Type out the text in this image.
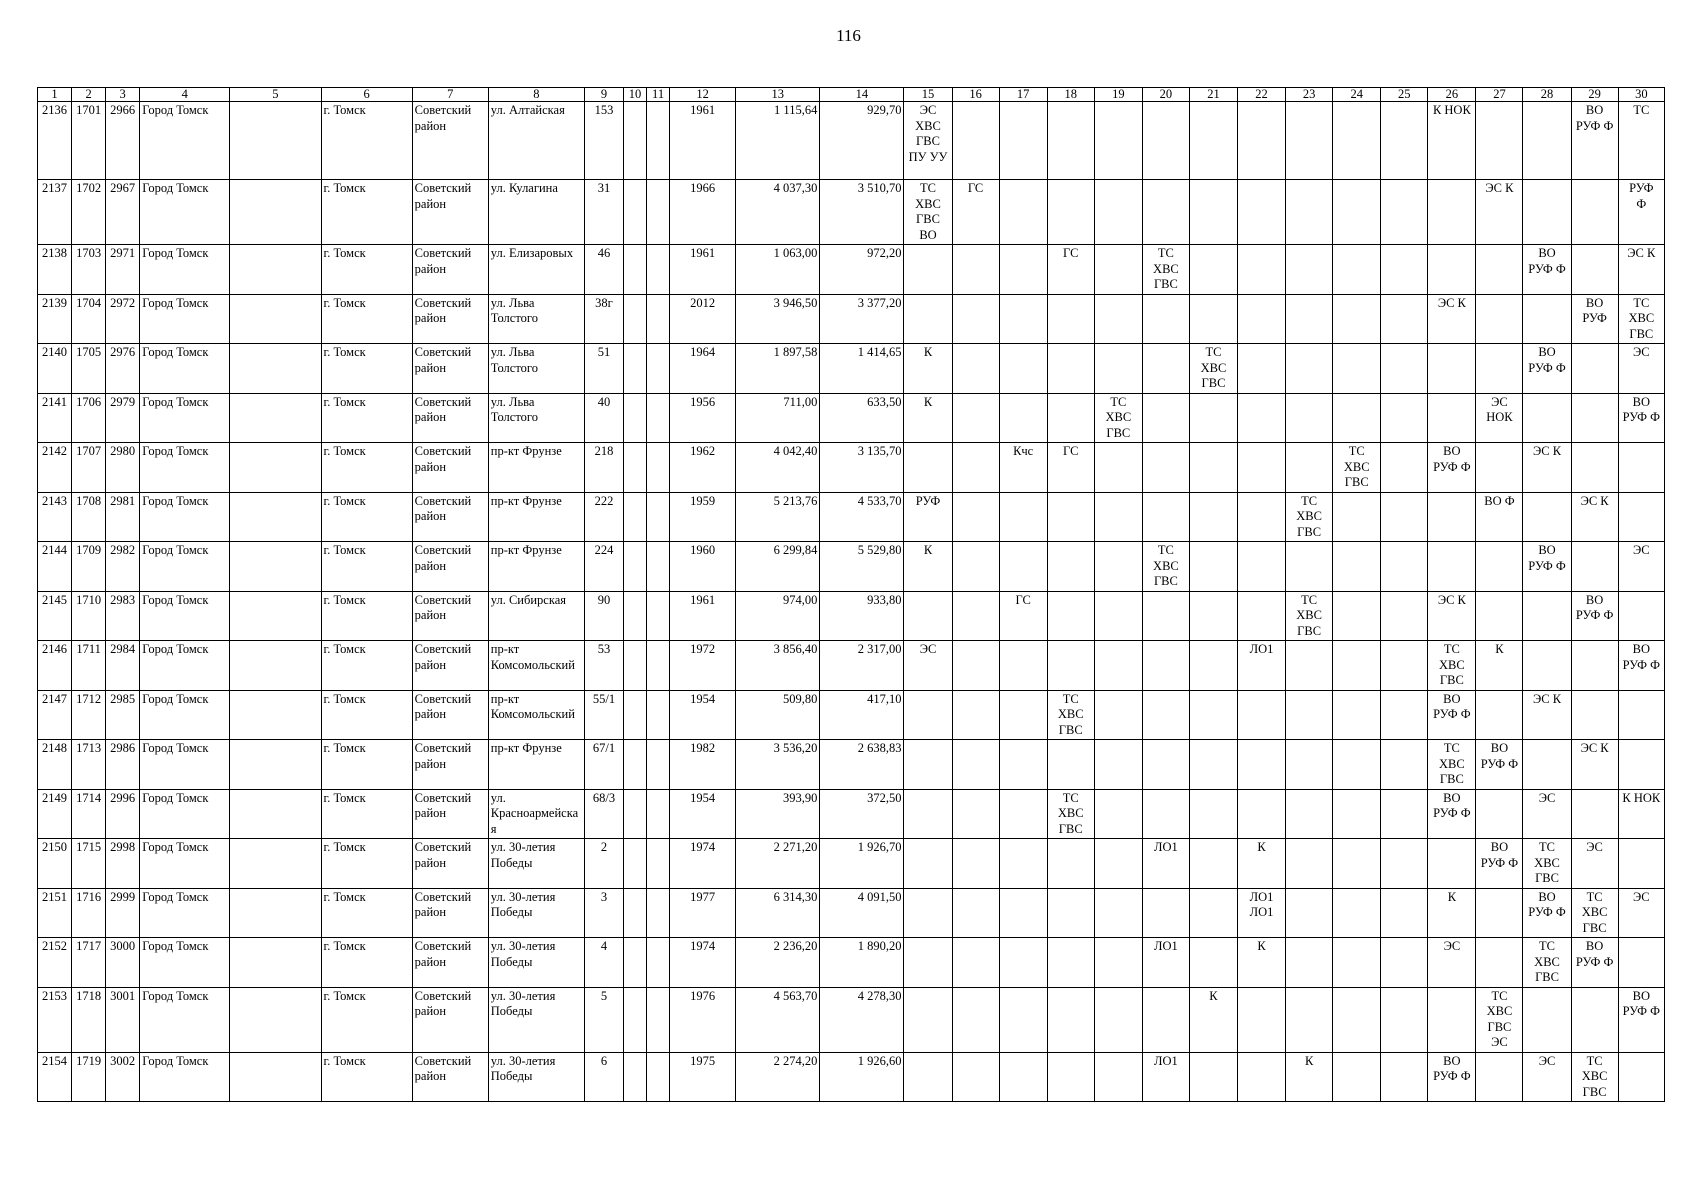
116
1	2	3	4	5	6	7	8	9	10	11	12	13	14	15	16	17	18	19	20	21	22	23	24	25	26	27	28	29	30
2136	1701	2966	Город Томск		г. Томск	Советский
район	ул. Алтайская	153			1961	1 115,64	929,70	ЭС
ХВС
ГВС
ПУ УУ											К НОК			ВО
РУФ Ф	ТС
2137	1702	2967	Город Томск		г. Томск	Советский
район	ул. Кулагина	31			1966	4 037,30	3 510,70	ТС
ХВС
ГВС
ВО	ГС											ЭС К			РУФ
Ф
2138	1703	2971	Город Томск		г. Томск	Советский
район	ул. Елизаровых	46			1961	1 063,00	972,20				ГС		ТС
ХВС
ГВС								ВО
РУФ Ф		ЭС К
2139	1704	2972	Город Томск		г. Томск	Советский
район	ул. Льва
Толстого	38г			2012	3 946,50	3 377,20												ЭС К			ВО
РУФ	ТС
ХВС
ГВС
2140	1705	2976	Город Томск		г. Томск	Советский
район	ул. Льва
Толстого	51			1964	1 897,58	1 414,65	К						ТС
ХВС
ГВС							ВО
РУФ Ф		ЭС
2141	1706	2979	Город Томск		г. Томск	Советский
район	ул. Льва
Толстого	40			1956	711,00	633,50	К				ТС
ХВС
ГВС								ЭС
НОК			ВО
РУФ Ф
2142	1707	2980	Город Томск		г. Томск	Советский
район	пр-кт Фрунзе	218			1962	4 042,40	3 135,70			Кчс	ГС						ТС
ХВС
ГВС		ВО
РУФ Ф		ЭС К		
2143	1708	2981	Город Томск		г. Томск	Советский
район	пр-кт Фрунзе	222			1959	5 213,76	4 533,70	РУФ								ТС
ХВС
ГВС				ВО Ф		ЭС К	
2144	1709	2982	Город Томск		г. Томск	Советский
район	пр-кт Фрунзе	224			1960	6 299,84	5 529,80	К					ТС
ХВС
ГВС								ВО
РУФ Ф		ЭС
2145	1710	2983	Город Томск		г. Томск	Советский
район	ул. Сибирская	90			1961	974,00	933,80			ГС						ТС
ХВС
ГВС			ЭС К			ВО
РУФ Ф	
2146	1711	2984	Город Томск		г. Томск	Советский
район	пр-кт
Комсомольский	53			1972	3 856,40	2 317,00	ЭС							ЛО1				ТС
ХВС
ГВС	К			ВО
РУФ Ф
2147	1712	2985	Город Томск		г. Томск	Советский
район	пр-кт
Комсомольский	55/1			1954	509,80	417,10				ТС
ХВС
ГВС								ВО
РУФ Ф		ЭС К		
2148	1713	2986	Город Томск		г. Томск	Советский
район	пр-кт Фрунзе	67/1			1982	3 536,20	2 638,83												ТС
ХВС
ГВС	ВО
РУФ Ф		ЭС К	
2149	1714	2996	Город Томск		г. Томск	Советский
район	ул.
Красноармейска
я	68/3			1954	393,90	372,50				ТС
ХВС
ГВС								ВО
РУФ Ф		ЭС		К НОК
2150	1715	2998	Город Томск		г. Томск	Советский
район	ул. 30-летия
Победы	2			1974	2 271,20	1 926,70						ЛО1		К					ВО
РУФ Ф	ТС
ХВС
ГВС	ЭС	
2151	1716	2999	Город Томск		г. Томск	Советский
район	ул. 30-летия
Победы	3			1977	6 314,30	4 091,50								ЛО1
ЛО1				К		ВО
РУФ Ф	ТС
ХВС
ГВС	ЭС
2152	1717	3000	Город Томск		г. Томск	Советский
район	ул. 30-летия
Победы	4			1974	2 236,20	1 890,20						ЛО1		К				ЭС		ТС
ХВС
ГВС	ВО
РУФ Ф	
2153	1718	3001	Город Томск		г. Томск	Советский
район	ул. 30-летия
Победы	5			1976	4 563,70	4 278,30							К						ТС
ХВС
ГВС
ЭС			ВО
РУФ Ф
2154	1719	3002	Город Томск		г. Томск	Советский
район	ул. 30-летия
Победы	6			1975	2 274,20	1 926,60						ЛО1			К			ВО
РУФ Ф		ЭС	ТС
ХВС
ГВС	
